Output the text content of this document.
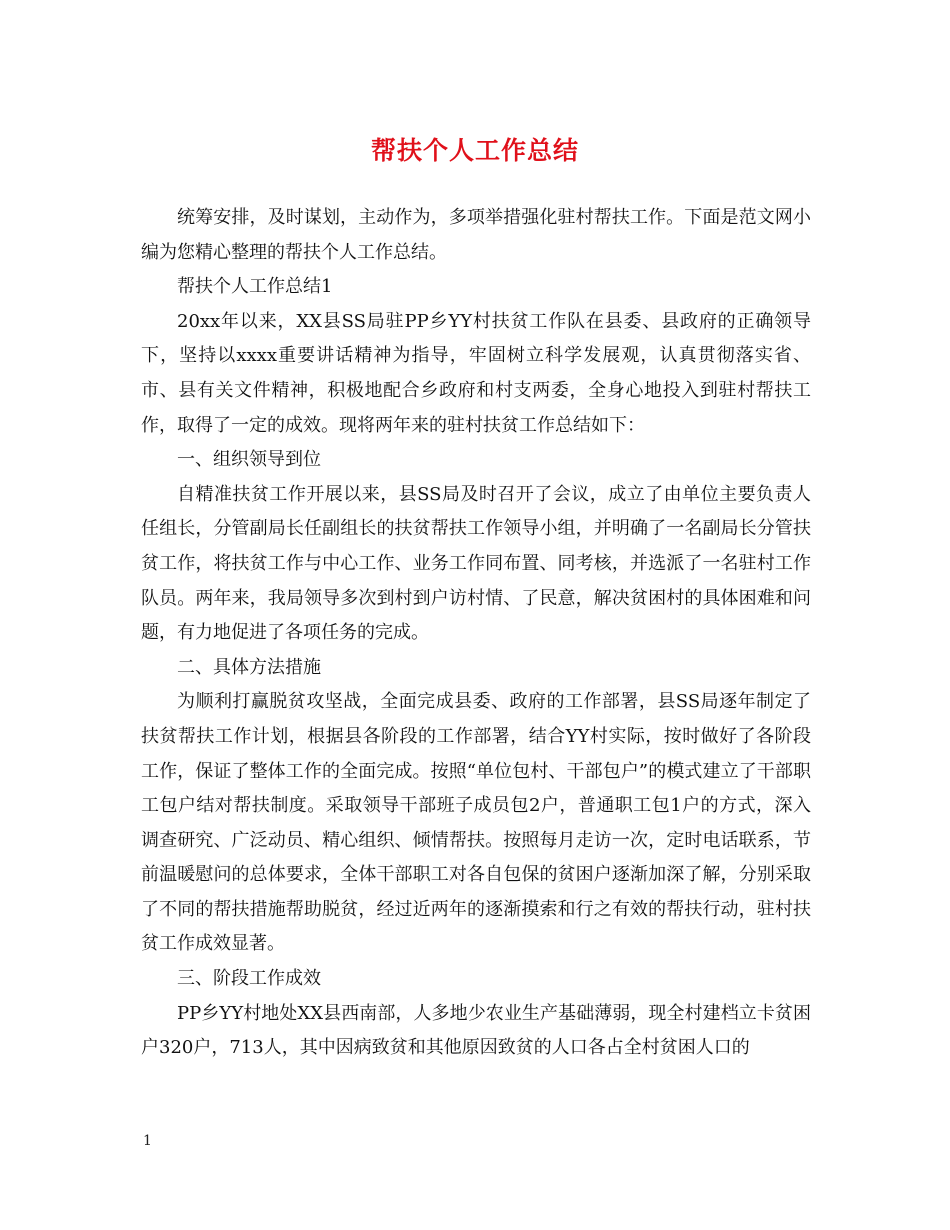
帮扶个人工作总结

统筹安排，及时谋划，主动作为，多项举措强化驻村帮扶工作。下面是范文网小编为您精心整理的帮扶个人工作总结。

帮扶个人工作总结1

20xx年以来，XX县SS局驻PP乡YY村扶贫工作队在县委、县政府的正确领导下，坚持以xxxx重要讲话精神为指导，牢固树立科学发展观，认真贯彻落实省、市、县有关文件精神，积极地配合乡政府和村支两委，全身心地投入到驻村帮扶工作，取得了一定的成效。现将两年来的驻村扶贫工作总结如下：

一、组织领导到位

自精准扶贫工作开展以来，县SS局及时召开了会议，成立了由单位主要负责人任组长，分管副局长任副组长的扶贫帮扶工作领导小组，并明确了一名副局长分管扶贫工作，将扶贫工作与中心工作、业务工作同布置、同考核，并选派了一名驻村工作队员。两年来，我局领导多次到村到户访村情、了民意，解决贫困村的具体困难和问题，有力地促进了各项任务的完成。

二、具体方法措施

为顺利打赢脱贫攻坚战，全面完成县委、政府的工作部署，县SS局逐年制定了扶贫帮扶工作计划，根据县各阶段的工作部署，结合YY村实际，按时做好了各阶段工作，保证了整体工作的全面完成。按照“单位包村、干部包户”的模式建立了干部职工包户结对帮扶制度。采取领导干部班子成员包2户，普通职工包1户的方式，深入调查研究、广泛动员、精心组织、倾情帮扶。按照每月走访一次，定时电话联系，节前温暖慰问的总体要求，全体干部职工对各自包保的贫困户逐渐加深了解，分别采取了不同的帮扶措施帮助脱贫，经过近两年的逐渐摸索和行之有效的帮扶行动，驻村扶贫工作成效显著。

三、阶段工作成效

PP乡YY村地处XX县西南部，人多地少农业生产基础薄弱，现全村建档立卡贫困户320户，713人，其中因病致贫和其他原因致贫的人口各占全村贫困人口的

1
